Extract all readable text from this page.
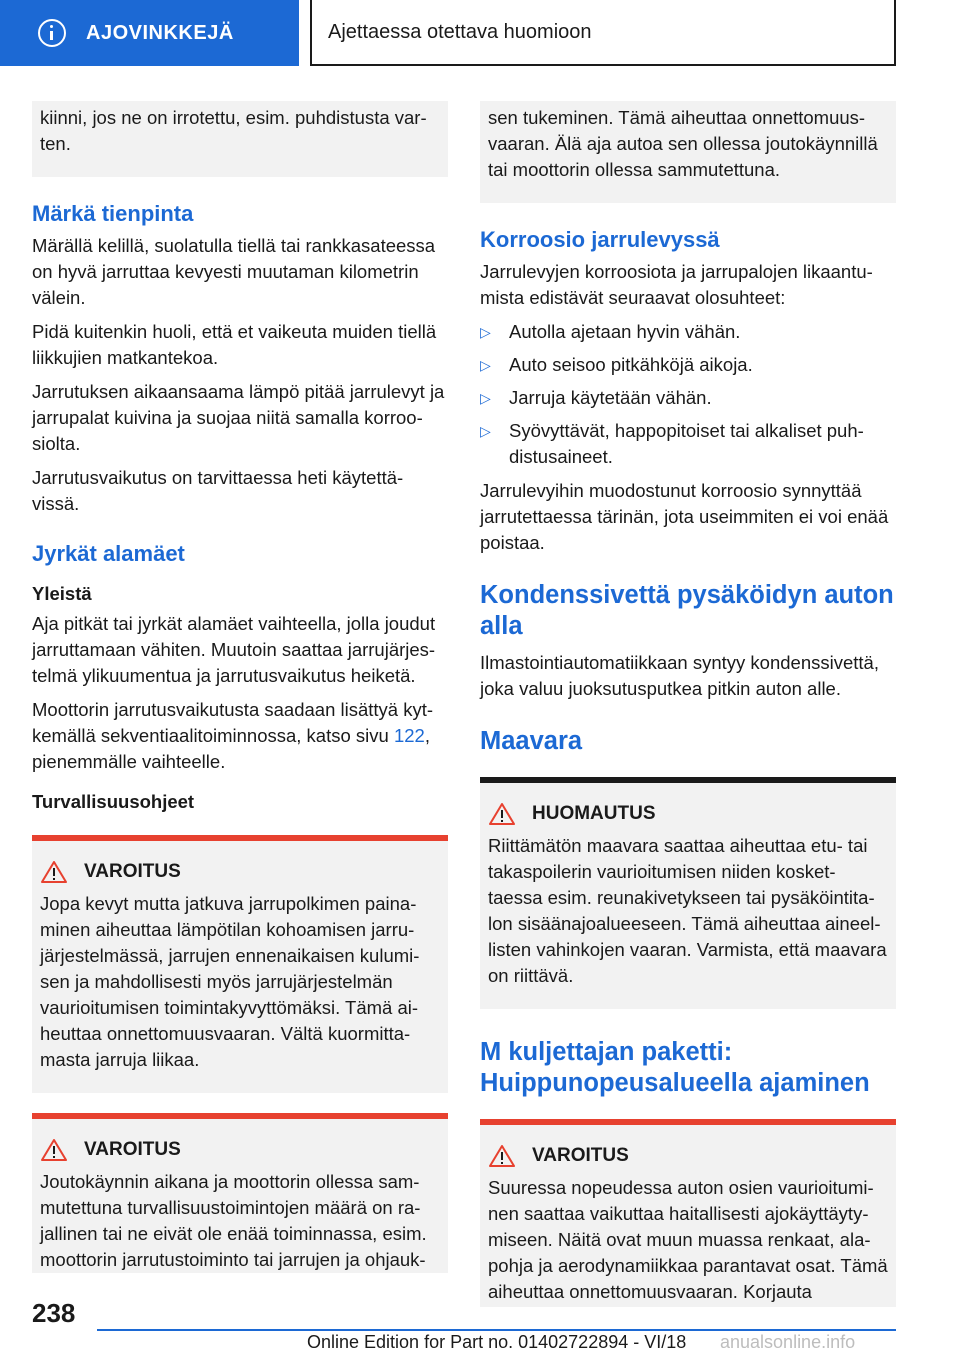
AJOVINKKEJÄ	Ajettaessa otettava huomioon
kiinni, jos ne on irrotettu, esim. puhdistusta var-ten.
Märkä tienpinta

Märällä kelillä, suolatulla tiellä tai rankkasateessa on hyvä jarruttaa kevyesti muutaman kilometrin välein.

Pidä kuitenkin huoli, että et vaikeuta muiden tiellä liikkujien matkantekoa.

Jarrutuksen aikaansaama lämpö pitää jarrulevyt ja jarrupalat kuivina ja suojaa niitä samalla korroo-siolta.

Jarrutusvaikutus on tarvittaessa heti käytettä-vissä.

Jyrkät alamäet
Yleistä

Aja pitkät tai jyrkät alamäet vaihteella, jolla joudut jarruttamaan vähiten. Muutoin saattaa jarrujärjes-telmä ylikuumentua ja jarrutusvaikutus heiketä.

Moottorin jarrutusvaikutusta saadaan lisättyä kyt-kemällä sekventiaalitoiminnossa, katso sivu 122, pienemmälle vaihteelle.

Turvallisuusohjeet
VAROITUS
Jopa kevyt mutta jatkuva jarrupolkimen paina-minen aiheuttaa lämpötilan kohoamisen jarru-järjestelmässä, jarrujen ennenaikaisen kulumi-sen ja mahdollisesti myös jarrujärjestelmän vaurioitumisen toimintakyvyttömäksi. Tämä ai-heuttaa onnettomuusvaaran. Vältä kuormitta-masta jarruja liikaa.
VAROITUS
Joutokäynnin aikana ja moottorin ollessa sam-mutettuna turvallisuustoimintojen määrä on ra-jallinen tai ne eivät ole enää toiminnassa, esim. moottorin jarrutustoiminto tai jarrujen ja ohjauk-
sen tukeminen. Tämä aiheuttaa onnettomuus-vaaran. Älä aja autoa sen ollessa joutokäynnillä tai moottorin ollessa sammutettuna.
Korroosio jarrulevyssä

Jarrulevyjen korroosiota ja jarrupalojen likaantu-mista edistävät seuraavat olosuhteet:

▷ Autolla ajetaan hyvin vähän.
▷ Auto seisoo pitkähköjä aikoja.
▷ Jarruja käytetään vähän.
▷ Syövyttävät, happopitoiset tai alkaliset puh-distusaineet.

Jarrulevyihin muodostunut korroosio synnyttää jarrutettaessa tärinän, jota useimmiten ei voi enää poistaa.

Kondenssivettä pysäköidyn auton alla

Ilmastointiautomatiikkaan syntyy kondenssivettä, joka valuu juoksutusputkea pitkin auton alle.

Maavara
HUOMAUTUS
Riittämätön maavara saattaa aiheuttaa etu- tai takaspoilerin vaurioitumisen niiden kosket-taessa esim. reunakivetykseen tai pysäköintita-lon sisäänajoalueeseen. Tämä aiheuttaa aineel-listen vahinkojen vaaran. Varmista, että maavara on riittävä.
M kuljettajan paketti: Huippunopeusalueella ajaminen
VAROITUS
Suuressa nopeudessa auton osien vaurioitumi-nen saattaa vaikuttaa haitallisesti ajokäyttäyty-miseen. Näitä ovat muun muassa renkaat, ala-pohja ja aerodynamiikkaa parantavat osat. Tämä aiheuttaa onnettomuusvaaran. Korjauta
238
Online Edition for Part no. 01402722894 - VI/18 anualsonline.info
